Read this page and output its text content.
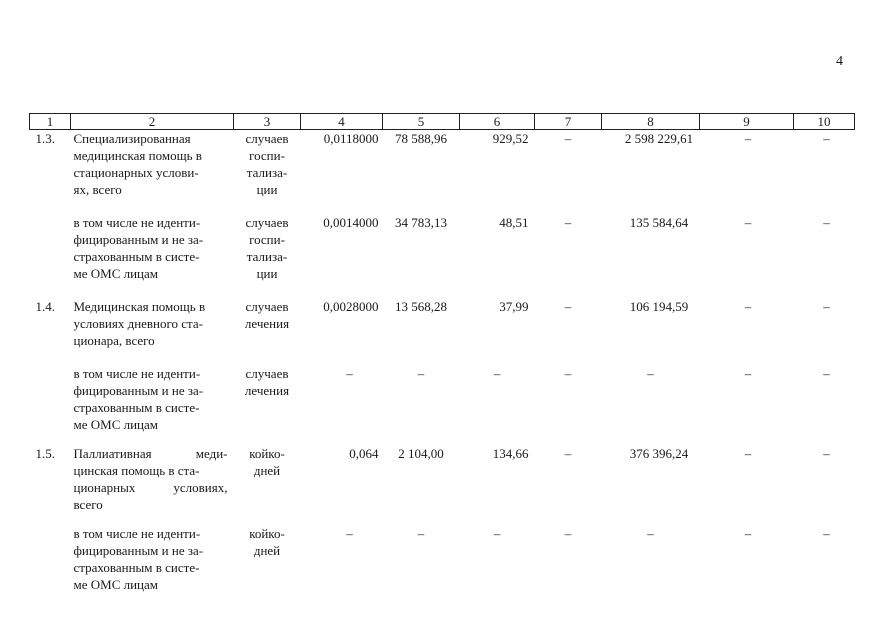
4
1	2	3	4	5	6	7	8	9	10
1.3.	Специализированная
медицинская помощь в
стационарных услови-
ях, всего	случаев
госпи-
тализа-
ции	0,0118000	78 588,96	929,52	–	2 598 229,61	–	–

	в том числе не иденти-
фицированным и не за-
страхованным в систе-
ме ОМС лицам	случаев
госпи-
тализа-
ции	0,0014000	34 783,13	48,51	–	135 584,64	–	–
1.4.	Медицинская помощь в
условиях дневного ста-
ционара, всего	случаев
лечения	0,0028000	13 568,28	37,99	–	106 194,59	–	–

	в том числе не иденти-
фицированным и не за-
страхованным в систе-
ме ОМС лицам	случаев
лечения	–	–	–	–	–	–	–
1.5.	Паллиативная меди-
цинская помощь в ста-
ционарных условиях,
всего	койко-
дней	0,064	2 104,00	134,66	–	376 396,24	–	–

	в том числе не иденти-
фицированным и не за-
страхованным в систе-
ме ОМС лицам	койко-
дней	–	–	–	–	–	–	–
